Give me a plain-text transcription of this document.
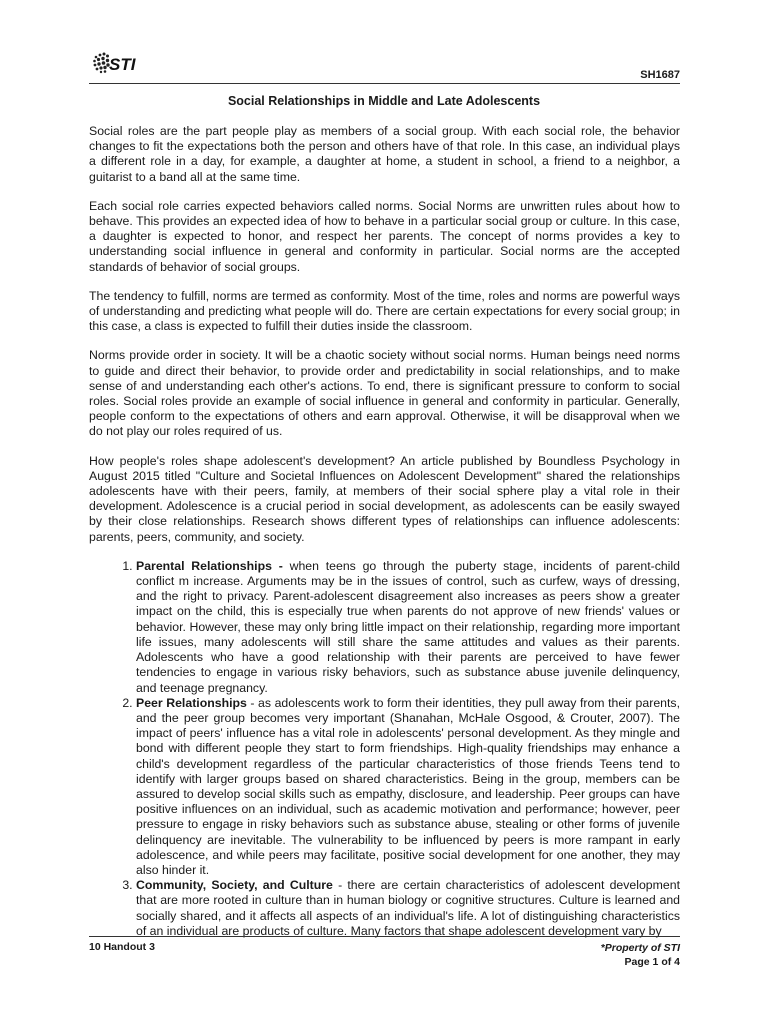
STI
SH1687
Social Relationships in Middle and Late Adolescents

Social roles are the part people play as members of a social group. With each social role, the behavior changes to fit the expectations both the person and others have of that role. In this case, an individual plays a different role in a day, for example, a daughter at home, a student in school, a friend to a neighbor, a guitarist to a band all at the same time.

Each social role carries expected behaviors called norms. Social Norms are unwritten rules about how to behave. This provides an expected idea of how to behave in a particular social group or culture. In this case, a daughter is expected to honor, and respect her parents. The concept of norms provides a key to understanding social influence in general and conformity in particular. Social norms are the accepted standards of behavior of social groups.

The tendency to fulfill, norms are termed as conformity. Most of the time, roles and norms are powerful ways of understanding and predicting what people will do. There are certain expectations for every social group; in this case, a class is expected to fulfill their duties inside the classroom.

Norms provide order in society. It will be a chaotic society without social norms. Human beings need norms to guide and direct their behavior, to provide order and predictability in social relationships, and to make sense of and understanding each other's actions. To end, there is significant pressure to conform to social roles. Social roles provide an example of social influence in general and conformity in particular. Generally, people conform to the expectations of others and earn approval. Otherwise, it will be disapproval when we do not play our roles required of us.

How people's roles shape adolescent's development? An article published by Boundless Psychology in August 2015 titled "Culture and Societal Influences on Adolescent Development" shared the relationships adolescents have with their peers, family, at members of their social sphere play a vital role in their development. Adolescence is a crucial period in social development, as adolescents can be easily swayed by their close relationships. Research shows different types of relationships can influence adolescents: parents, peers, community, and society.

1. Parental Relationships - when teens go through the puberty stage, incidents of parent-child conflict m increase. Arguments may be in the issues of control, such as curfew, ways of dressing, and the right to privacy. Parent-adolescent disagreement also increases as peers show a greater impact on the child, this is especially true when parents do not approve of new friends' values or behavior. However, these may only bring little impact on their relationship, regarding more important life issues, many adolescents will still share the same attitudes and values as their parents. Adolescents who have a good relationship with their parents are perceived to have fewer tendencies to engage in various risky behaviors, such as substance abuse juvenile delinquency, and teenage pregnancy.
2. Peer Relationships - as adolescents work to form their identities, they pull away from their parents, and the peer group becomes very important (Shanahan, McHale Osgood, & Crouter, 2007). The impact of peers' influence has a vital role in adolescents' personal development. As they mingle and bond with different people they start to form friendships. High-quality friendships may enhance a child's development regardless of the particular characteristics of those friends Teens tend to identify with larger groups based on shared characteristics. Being in the group, members can be assured to develop social skills such as empathy, disclosure, and leadership. Peer groups can have positive influences on an individual, such as academic motivation and performance; however, peer pressure to engage in risky behaviors such as substance abuse, stealing or other forms of juvenile delinquency are inevitable. The vulnerability to be influenced by peers is more rampant in early adolescence, and while peers may facilitate, positive social development for one another, they may also hinder it.
3. Community, Society, and Culture - there are certain characteristics of adolescent development that are more rooted in culture than in human biology or cognitive structures. Culture is learned and socially shared, and it affects all aspects of an individual's life. A lot of distinguishing characteristics of an individual are products of culture. Many factors that shape adolescent development vary by
10 Handout 3	*Property of STI
Page 1 of 4
